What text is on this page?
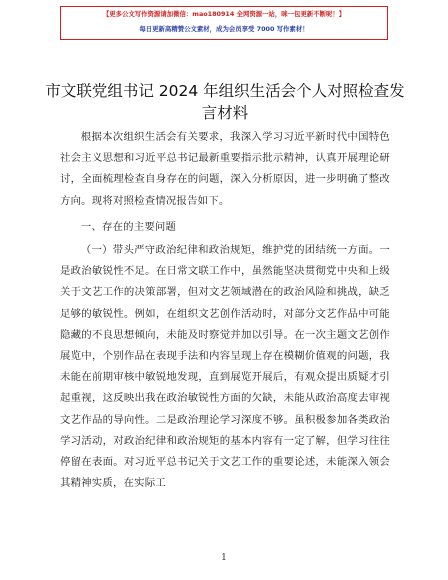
【更多公文写作资源请加微信：mao180914 全网资源一站，咪一包更新不断呢！】
每日更新高精赞公文素材，成为会员享受 7000 写作素材！
市文联党组书记 2024 年组织生活会个人对照检查发言材料

根据本次组织生活会有关要求，我深入学习习近平新时代中国特色社会主义思想和习近平总书记最新重要指示批示精神，认真开展理论研讨，全面梳理检查自身存在的问题，深入分析原因，进一步明确了整改方向。现将对照检查情况报告如下。

一、存在的主要问题

（一）带头严守政治纪律和政治规矩，维护党的团结统一方面。一是政治敏锐性不足。在日常文联工作中，虽然能坚决贯彻党中央和上级关于文艺工作的决策部署，但对文艺领域潜在的政治风险和挑战，缺乏足够的敏锐性。例如，在组织文艺创作活动时，对部分文艺作品中可能隐藏的不良思想倾向，未能及时察觉并加以引导。在一次主题文艺创作展览中，个别作品在表现手法和内容呈现上存在模糊价值观的问题，我未能在前期审核中敏锐地发现，直到展览开展后，有观众提出质疑才引起重视，这反映出我在政治敏锐性方面的欠缺，未能从政治高度去审视文艺作品的导向性。二是政治理论学习深度不够。虽积极参加各类政治学习活动，对政治纪律和政治规矩的基本内容有一定了解，但学习往往停留在表面。对习近平总书记关于文艺工作的重要论述，未能深入领会其精神实质，在实际工

1
